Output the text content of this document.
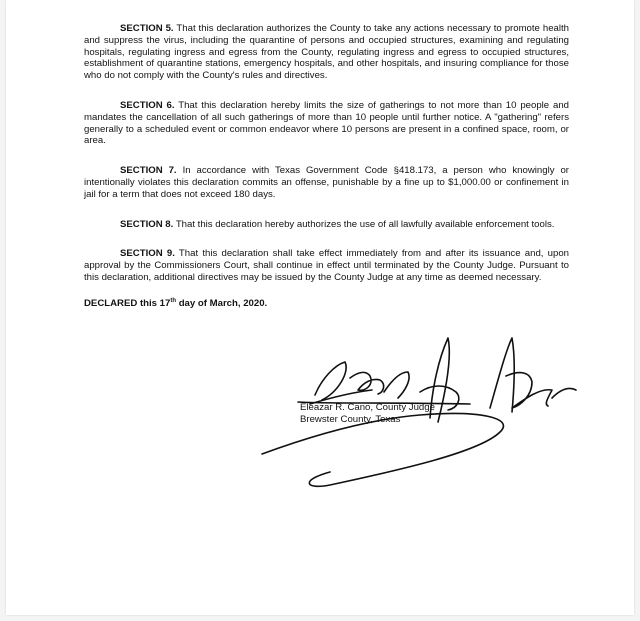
SECTION 5. That this declaration authorizes the County to take any actions necessary to promote health and suppress the virus, including the quarantine of persons and occupied structures, examining and regulating hospitals, regulating ingress and egress from the County, regulating ingress and egress to occupied structures, establishment of quarantine stations, emergency hospitals, and other hospitals, and insuring compliance for those who do not comply with the County's rules and directives.

SECTION 6. That this declaration hereby limits the size of gatherings to not more than 10 people and mandates the cancellation of all such gatherings of more than 10 people until further notice. A "gathering" refers generally to a scheduled event or common endeavor where 10 persons are present in a confined space, room, or area.

SECTION 7. In accordance with Texas Government Code §418.173, a person who knowingly or intentionally violates this declaration commits an offense, punishable by a fine up to $1,000.00 or confinement in jail for a term that does not exceed 180 days.

SECTION 8. That this declaration hereby authorizes the use of all lawfully available enforcement tools.

SECTION 9. That this declaration shall take effect immediately from and after its issuance and, upon approval by the Commissioners Court, shall continue in effect until terminated by the County Judge. Pursuant to this declaration, additional directives may be issued by the County Judge at any time as deemed necessary.

DECLARED this 17th day of March, 2020.
Eleazar R. Cano, County Judge
Brewster County, Texas
